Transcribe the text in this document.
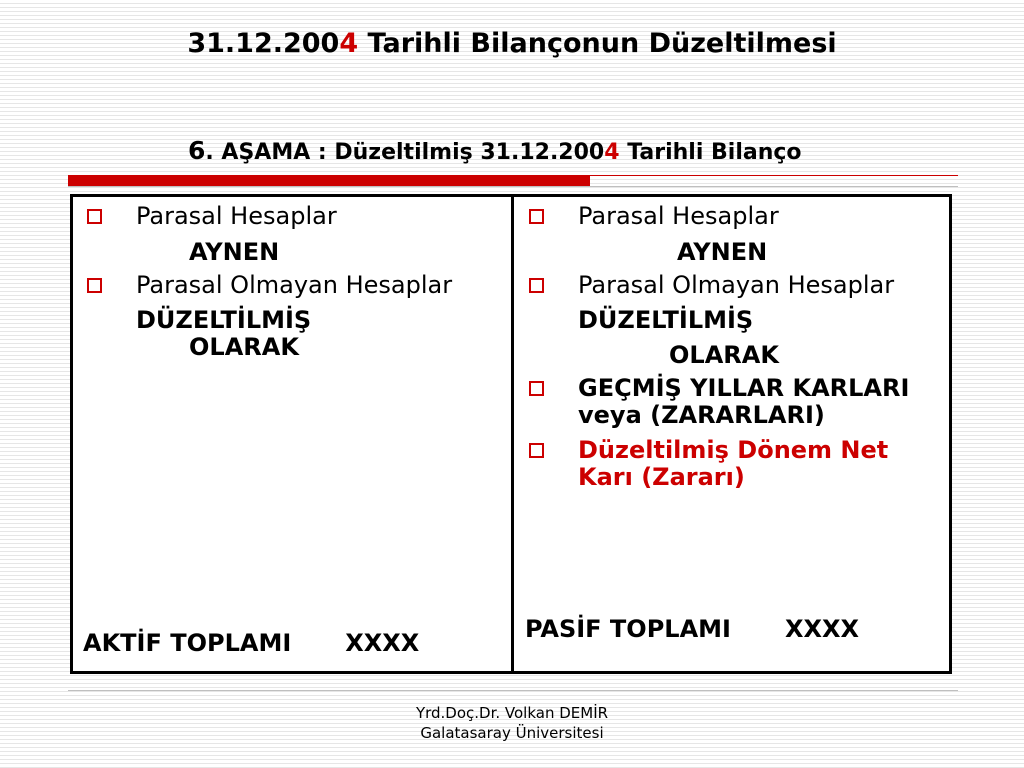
31.12.2004 Tarihli Bilançonun Düzeltilmesi
6. AŞAMA : Düzeltilmiş 31.12.2004 Tarihli Bilanço
Parasal Hesaplar
AYNEN
Parasal Olmayan Hesaplar
DÜZELTİLMİŞ
OLARAK
AKTİF TOPLAMI XXXX
Parasal Hesaplar
AYNEN
Parasal Olmayan Hesaplar
DÜZELTİLMİŞ
OLARAK
GEÇMİŞ YILLAR KARLARI veya (ZARARLARI)
Düzeltilmiş Dönem Net Karı (Zararı)
PASİF TOPLAMI XXXX
Yrd.Doç.Dr. Volkan DEMİR
Galatasaray Üniversitesi
